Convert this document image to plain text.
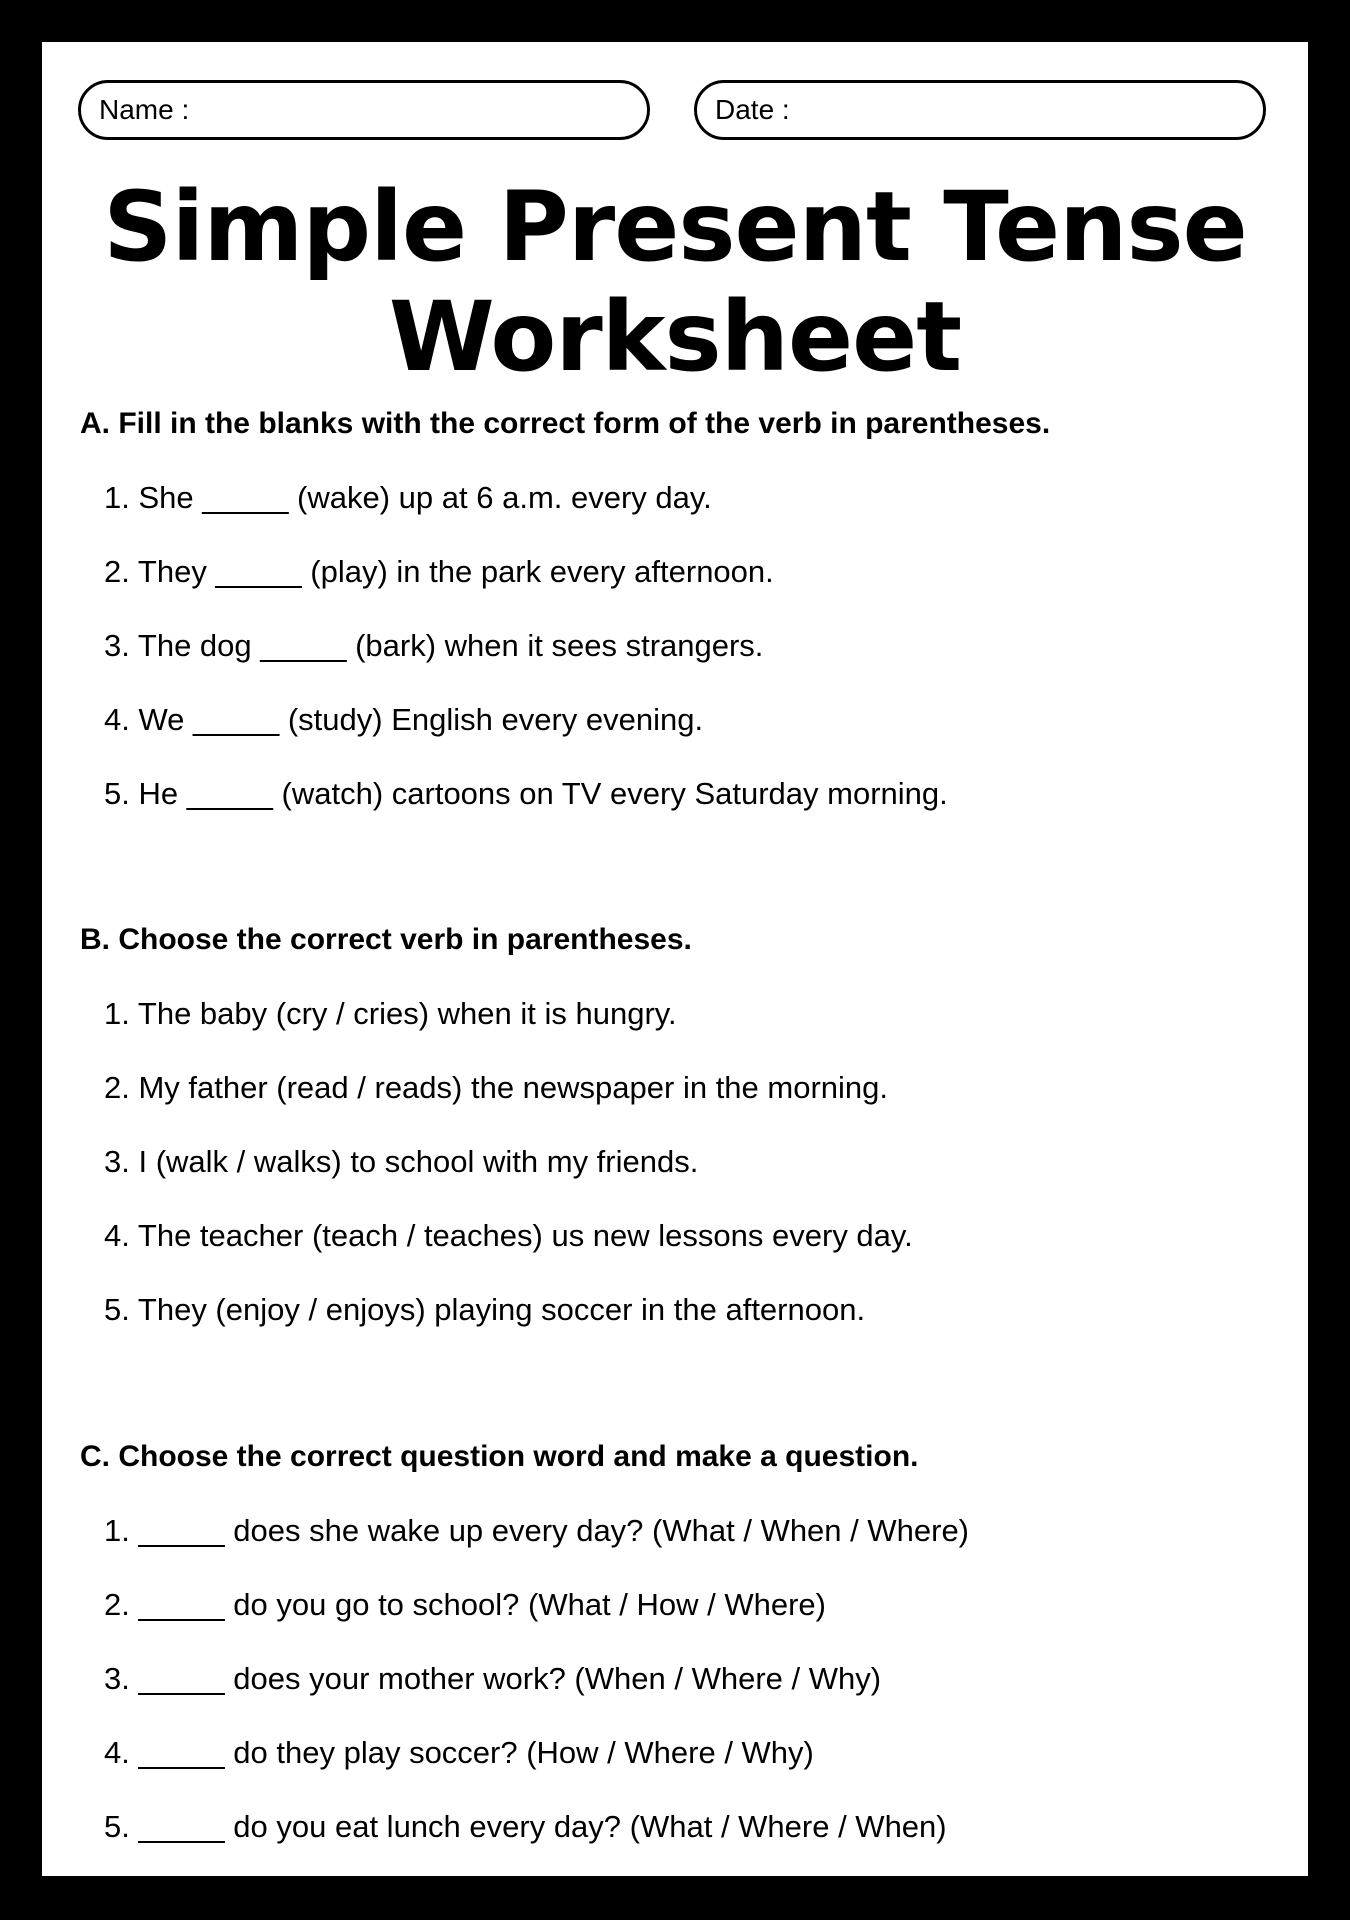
Name :	Date :
Simple Present Tense
Worksheet
A. Fill in the blanks with the correct form of the verb in parentheses.
1. She _____ (wake) up at 6 a.m. every day.
2. They _____ (play) in the park every afternoon.
3. The dog _____ (bark) when it sees strangers.
4. We _____ (study) English every evening.
5. He _____ (watch) cartoons on TV every Saturday morning.
B. Choose the correct verb in parentheses.
1. The baby (cry / cries) when it is hungry.
2. My father (read / reads) the newspaper in the morning.
3. I (walk / walks) to school with my friends.
4. The teacher (teach / teaches) us new lessons every day.
5. They (enjoy / enjoys) playing soccer in the afternoon.
C. Choose the correct question word and make a question.
1. _____ does she wake up every day? (What / When / Where)
2. _____ do you go to school? (What / How / Where)
3. _____ does your mother work? (When / Where / Why)
4. _____ do they play soccer? (How / Where / Why)
5. _____ do you eat lunch every day? (What / Where / When)
